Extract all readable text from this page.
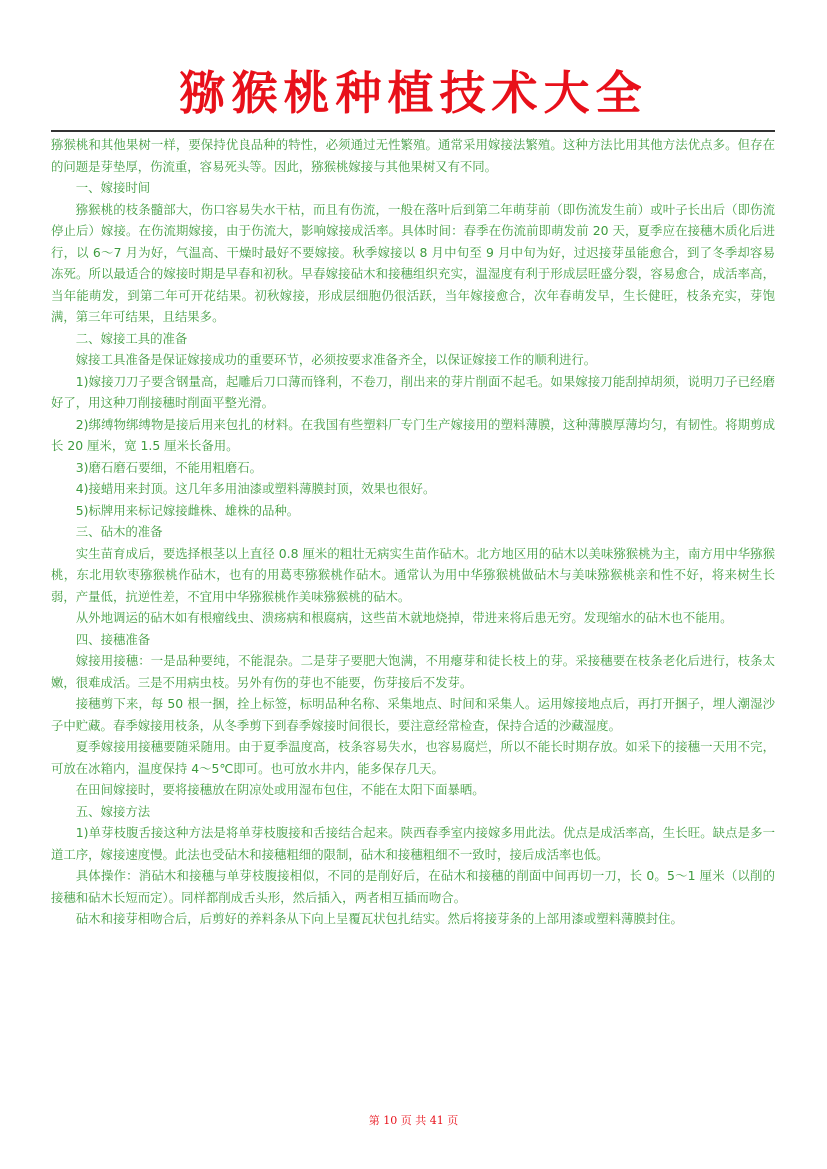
猕猴桃种植技术大全

猕猴桃和其他果树一样，要保持优良品种的特性，必须通过无性繁殖。通常采用嫁接法繁殖。这种方法比用其他方法优点多。但存在的问题是芽垫厚，伤流重，容易死头等。因此，猕猴桃嫁接与其他果树又有不同。

一、嫁接时间

猕猴桃的枝条髓部大，伤口容易失水干枯，而且有伤流，一般在落叶后到第二年萌芽前（即伤流发生前）或叶子长出后（即伤流停止后）嫁接。在伤流期嫁接，由于伤流大，影响嫁接成活率。具体时间：春季在伤流前即萌发前 20 天，夏季应在接穗木质化后进行，以 6～7 月为好，气温高、干燥时最好不要嫁接。秋季嫁接以 8 月中旬至 9 月中旬为好，过迟接芽虽能愈合，到了冬季却容易冻死。所以最适合的嫁接时期是早春和初秋。早春嫁接砧木和接穗组织充实，温湿度有利于形成层旺盛分裂，容易愈合，成活率高，当年能萌发，到第二年可开花结果。初秋嫁接，形成层细胞仍很活跃，当年嫁接愈合，次年春萌发早，生长健旺，枝条充实，芽饱满，第三年可结果，且结果多。

二、嫁接工具的准备

嫁接工具准备是保证嫁接成功的重要环节，必须按要求准备齐全，以保证嫁接工作的顺利进行。

1)嫁接刀刀子要含钢量高，起雕后刀口薄而锋利，不卷刀，削出来的芽片削面不起毛。如果嫁接刀能刮掉胡须，说明刀子已经磨好了，用这种刀削接穗时削面平整光滑。

2)绑缚物绑缚物是接后用来包扎的材料。在我国有些塑料厂专门生产嫁接用的塑料薄膜，这种薄膜厚薄均匀，有韧性。将期剪成长 20 厘米，宽 1.5 厘米长备用。

3)磨石磨石要细，不能用粗磨石。

4)接蜡用来封顶。这几年多用油漆或塑料薄膜封顶，效果也很好。

5)标牌用来标记嫁接雌株、雄株的品种。

三、砧木的准备

实生苗育成后，要选择根茎以上直径 0.8 厘米的粗壮无病实生苗作砧木。北方地区用的砧木以美味猕猴桃为主，南方用中华猕猴桃，东北用软枣猕猴桃作砧木，也有的用葛枣猕猴桃作砧木。通常认为用中华猕猴桃做砧木与美味猕猴桃亲和性不好，将来树生长弱，产量低，抗逆性差，不宜用中华猕猴桃作美味猕猴桃的砧木。

从外地调运的砧木如有根瘤线虫、溃疡病和根腐病，这些苗木就地烧掉，带进来将后患无穷。发现缩水的砧木也不能用。

四、接穗准备

嫁接用接穗：一是品种要纯，不能混杂。二是芽子要肥大饱满，不用瘪芽和徒长枝上的芽。采接穗要在枝条老化后进行，枝条太嫩，很难成活。三是不用病虫枝。另外有伤的芽也不能要，伤芽接后不发芽。

接穗剪下来，每 50 根一捆，拴上标签，标明品种名称、采集地点、时间和采集人。运用嫁接地点后，再打开捆子，埋人潮湿沙子中贮藏。春季嫁接用枝条，从冬季剪下到春季嫁接时间很长，要注意经常检查，保持合适的沙藏湿度。

夏季嫁接用接穗要随采随用。由于夏季温度高，枝条容易失水，也容易腐烂，所以不能长时期存放。如采下的接穗一天用不完，可放在冰箱内，温度保持 4～5℃即可。也可放水井内，能多保存几天。

在田间嫁接时，要将接穗放在阴凉处或用湿布包住，不能在太阳下面暴晒。

五、嫁接方法

1)单芽枝腹舌接这种方法是将单芽枝腹接和舌接结合起来。陕西春季室内接嫁多用此法。优点是成活率高，生长旺。缺点是多一道工序，嫁接速度慢。此法也受砧木和接穗粗细的限制，砧木和接穗粗细不一致时，接后成活率也低。

具体操作：消砧木和接穗与单芽枝腹接相似，不同的是削好后，在砧木和接穗的削面中间再切一刀，长 0。5～1 厘米（以削的接穗和砧木长短而定）。同样都削成舌头形，然后插入，两者相互插而吻合。

砧木和接芽相吻合后，后剪好的养料条从下向上呈覆瓦状包扎结实。然后将接芽条的上部用漆或塑料薄膜封住。

第 10 页 共 41 页
